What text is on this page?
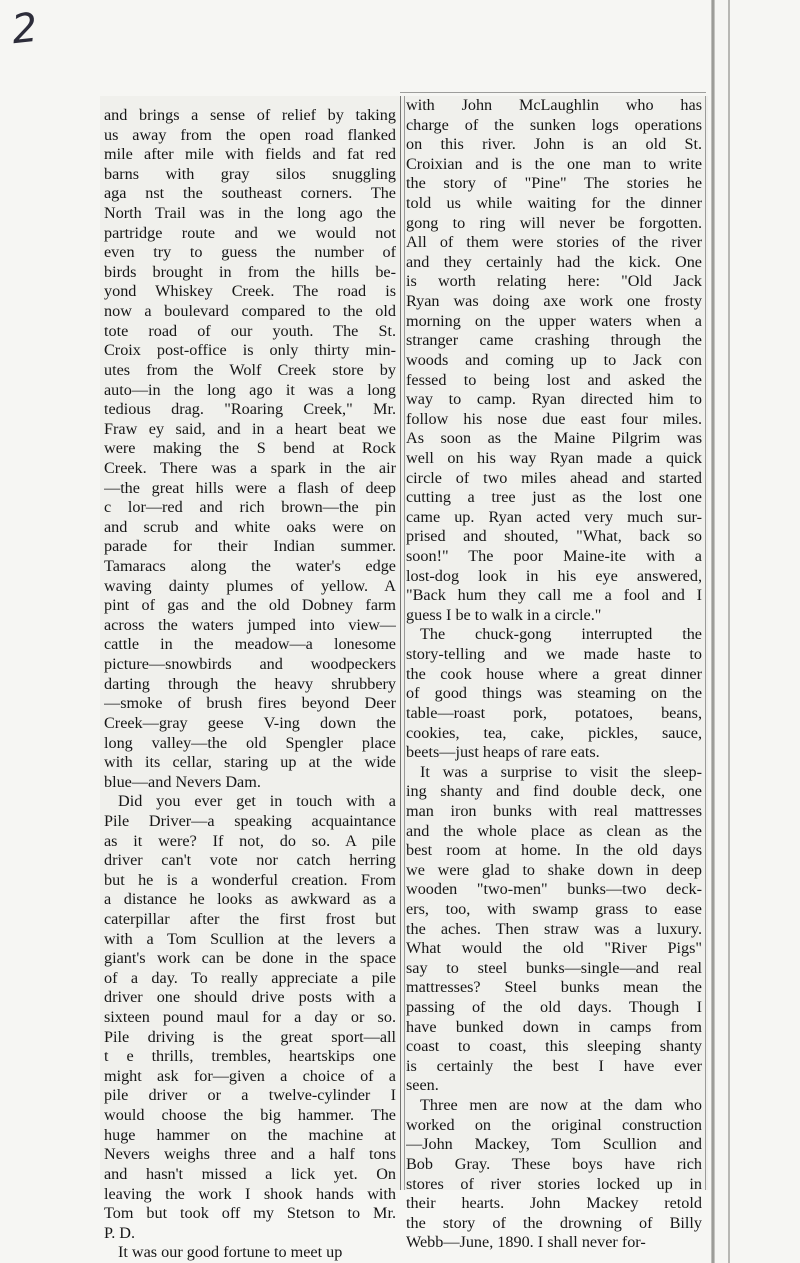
2
and brings a sense of relief by taking
us away from the open road flanked
mile after mile with fields and fat red
barns with gray silos snuggling
aga nst the southeast corners. The
North Trail was in the long ago the
partridge route and we would not
even try to guess the number of
birds brought in from the hills be-
yond Whiskey Creek. The road is
now a boulevard compared to the old
tote road of our youth. The St.
Croix post-office is only thirty min-
utes from the Wolf Creek store by
auto—in the long ago it was a long
tedious drag. "Roaring Creek," Mr.
Fraw ey said, and in a heart beat we
were making the S bend at Rock
Creek. There was a spark in the air
—the great hills were a flash of deep
c lor—red and rich brown—the pin
and scrub and white oaks were on
parade for their Indian summer.
Tamaracs along the water's edge
waving dainty plumes of yellow. A
pint of gas and the old Dobney farm
across the waters jumped into view—
cattle in the meadow—a lonesome
picture—snowbirds and woodpeckers
darting through the heavy shrubbery
—smoke of brush fires beyond Deer
Creek—gray geese V-ing down the
long valley—the old Spengler place
with its cellar, staring up at the wide
blue—and Nevers Dam.
Did you ever get in touch with a
Pile Driver—a speaking acquaintance
as it were? If not, do so. A pile
driver can't vote nor catch herring
but he is a wonderful creation. From
a distance he looks as awkward as a
caterpillar after the first frost but
with a Tom Scullion at the levers a
giant's work can be done in the space
of a day. To really appreciate a pile
driver one should drive posts with a
sixteen pound maul for a day or so.
Pile driving is the great sport—all
t e thrills, trembles, heartskips one
might ask for—given a choice of a
pile driver or a twelve-cylinder I
would choose the big hammer. The
huge hammer on the machine at
Nevers weighs three and a half tons
and hasn't missed a lick yet. On
leaving the work I shook hands with
Tom but took off my Stetson to Mr.
P. D.
It was our good fortune to meet up
with John McLaughlin who has
charge of the sunken logs operations
on this river. John is an old St.
Croixian and is the one man to write
the story of "Pine" The stories he
told us while waiting for the dinner
gong to ring will never be forgotten.
All of them were stories of the river
and they certainly had the kick. One
is worth relating here: "Old Jack
Ryan was doing axe work one frosty
morning on the upper waters when a
stranger came crashing through the
woods and coming up to Jack con
fessed to being lost and asked the
way to camp. Ryan directed him to
follow his nose due east four miles.
As soon as the Maine Pilgrim was
well on his way Ryan made a quick
circle of two miles ahead and started
cutting a tree just as the lost one
came up. Ryan acted very much sur-
prised and shouted, "What, back so
soon!" The poor Maine-ite with a
lost-dog look in his eye answered,
"Back hum they call me a fool and I
guess I be to walk in a circle."
The chuck-gong interrupted the
story-telling and we made haste to
the cook house where a great dinner
of good things was steaming on the
table—roast pork, potatoes, beans,
cookies, tea, cake, pickles, sauce,
beets—just heaps of rare eats.
It was a surprise to visit the sleep-
ing shanty and find double deck, one
man iron bunks with real mattresses
and the whole place as clean as the
best room at home. In the old days
we were glad to shake down in deep
wooden "two-men" bunks—two deck-
ers, too, with swamp grass to ease
the aches. Then straw was a luxury.
What would the old "River Pigs"
say to steel bunks—single—and real
mattresses? Steel bunks mean the
passing of the old days. Though I
have bunked down in camps from
coast to coast, this sleeping shanty
is certainly the best I have ever
seen.
Three men are now at the dam who
worked on the original construction
—John Mackey, Tom Scullion and
Bob Gray. These boys have rich
stores of river stories locked up in
their hearts. John Mackey retold
the story of the drowning of Billy
Webb—June, 1890. I shall never for-
